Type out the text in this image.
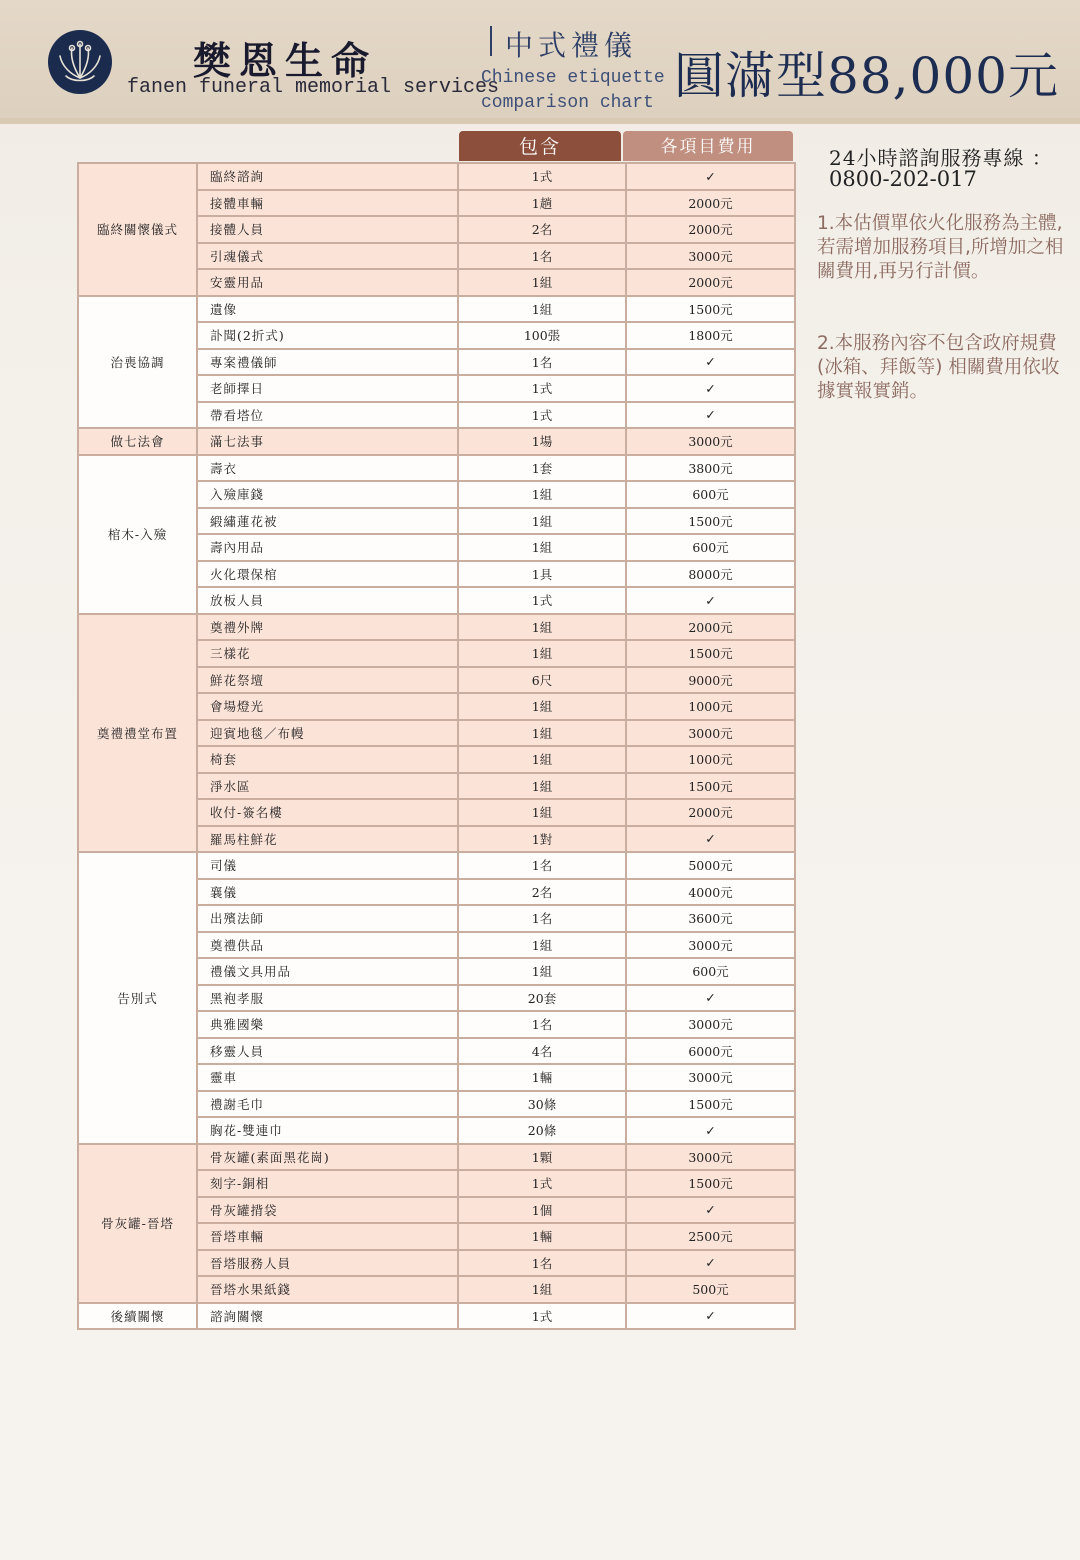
樊恩生命
fanen funeral memorial services
中式禮儀
Chinese etiquette
comparison chart 圓滿型88,000元
包含	各項目費用
臨終關懷儀式	臨終諮詢	1式	✓
	接體車輛	1趟	2000元
	接體人員	2名	2000元
	引魂儀式	1名	3000元
	安靈用品	1組	2000元
治喪協調	遺像	1組	1500元
	訃聞(2折式)	100張	1800元
	專案禮儀師	1名	✓
	老師擇日	1式	✓
	帶看塔位	1式	✓
做七法會	滿七法事	1場	3000元
棺木-入殮	壽衣	1套	3800元
	入殮庫錢	1組	600元
	緞繡蓮花被	1組	1500元
	壽內用品	1組	600元
	火化環保棺	1具	8000元
	放板人員	1式	✓
奠禮禮堂布置	奠禮外牌	1組	2000元
	三樣花	1組	1500元
	鮮花祭壇	6尺	9000元
	會場燈光	1組	1000元
	迎賓地毯／布幔	1組	3000元
	椅套	1組	1000元
	淨水區	1組	1500元
	收付-簽名樓	1組	2000元
	羅馬柱鮮花	1對	✓
告別式	司儀	1名	5000元
	襄儀	2名	4000元
	出殯法師	1名	3600元
	奠禮供品	1組	3000元
	禮儀文具用品	1組	600元
	黑袍孝服	20套	✓
	典雅國樂	1名	3000元
	移靈人員	4名	6000元
	靈車	1輛	3000元
	禮謝毛巾	30條	1500元
	胸花-雙連巾	20條	✓
骨灰罐-晉塔	骨灰罐(素面黑花崗)	1顆	3000元
	刻字-銅相	1式	1500元
	骨灰罐揹袋	1個	✓
	晉塔車輛	1輛	2500元
	晉塔服務人員	1名	✓
	晉塔水果紙錢	1組	500元
後續關懷	諮詢關懷	1式	✓
24小時諮詢服務專線 ：
0800-202-017
1.本估價單依火化服務為主體,若需增加服務項目,所增加之相關費用,再另行計價。
2.本服務內容不包含政府規費(冰箱、拜飯等) 相關費用依收據實報實銷。
